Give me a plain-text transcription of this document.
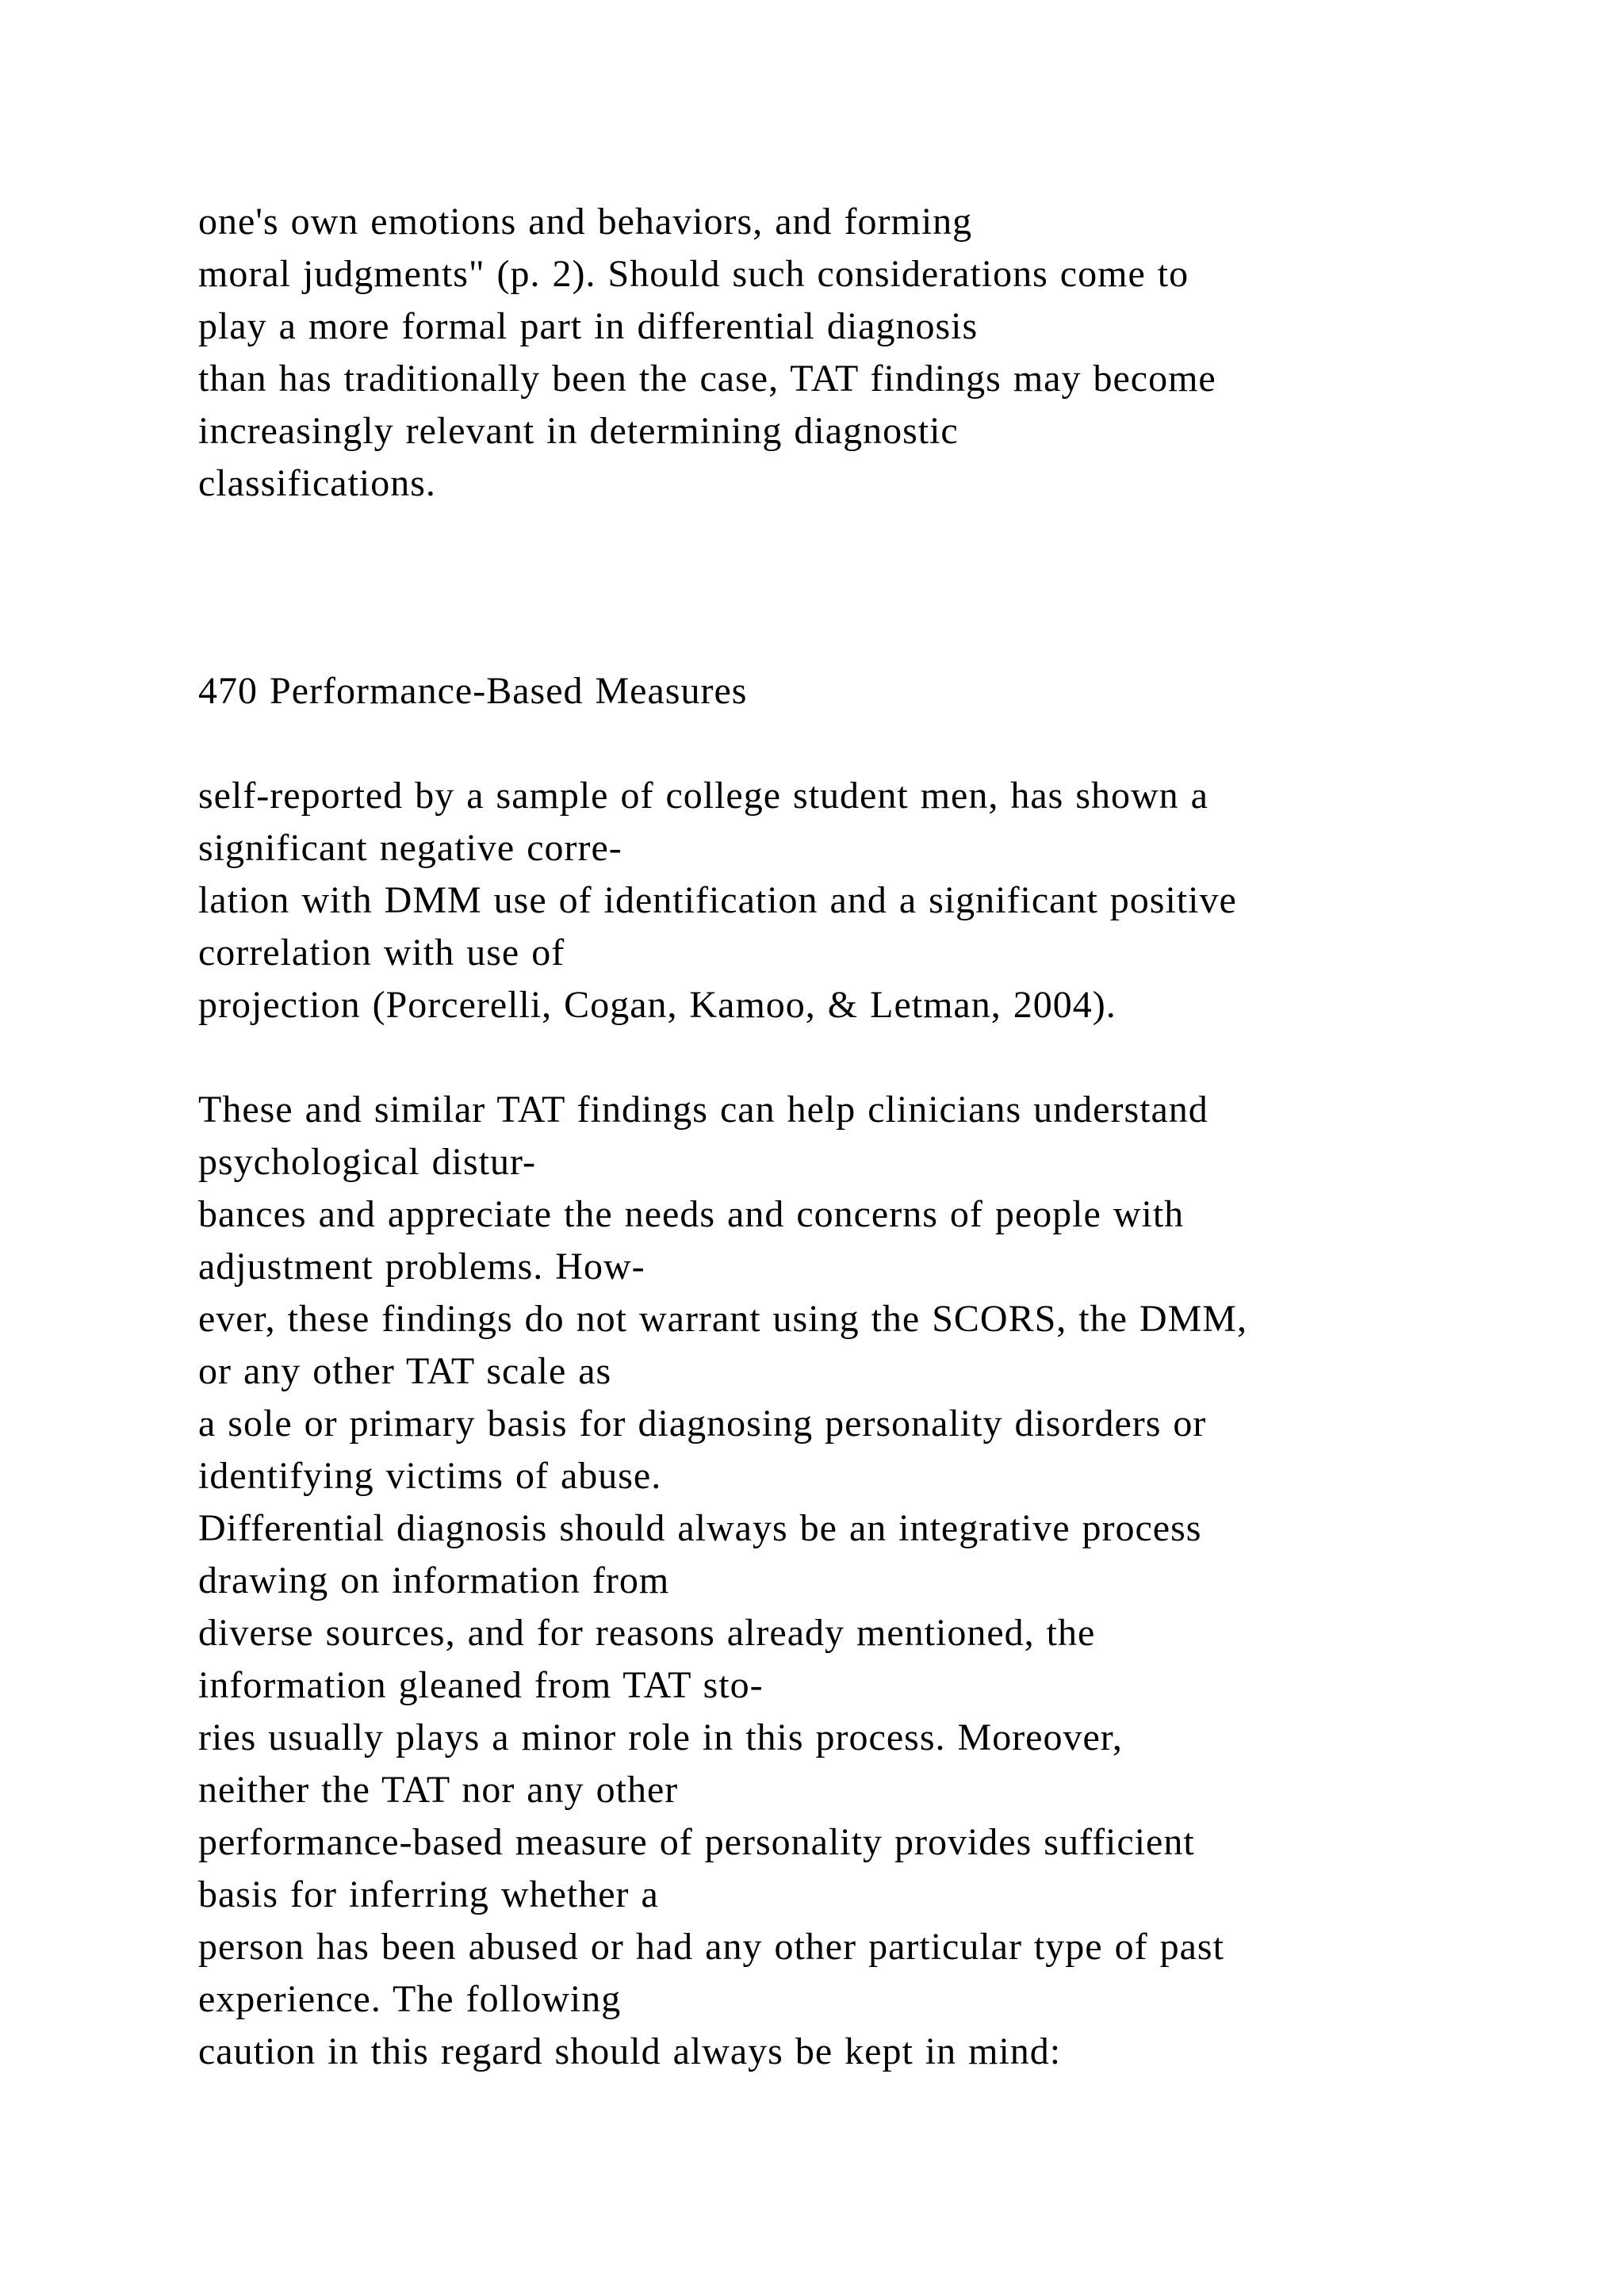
one's own emotions and behaviors, and forming
moral judgments" (p. 2). Should such considerations come to
play a more formal part in differential diagnosis
than has traditionally been the case, TAT findings may become
increasingly relevant in determining diagnostic
classifications.
470 Performance-Based Measures
self-reported by a sample of college student men, has shown a
significant negative corre-
lation with DMM use of identification and a significant positive
correlation with use of
projection (Porcerelli, Cogan, Kamoo, & Letman, 2004).
These and similar TAT findings can help clinicians understand
psychological distur-
bances and appreciate the needs and concerns of people with
adjustment problems. How-
ever, these findings do not warrant using the SCORS, the DMM,
or any other TAT scale as
a sole or primary basis for diagnosing personality disorders or
identifying victims of abuse.
Differential diagnosis should always be an integrative process
drawing on information from
diverse sources, and for reasons already mentioned, the
information gleaned from TAT sto-
ries usually plays a minor role in this process. Moreover,
neither the TAT nor any other
performance-based measure of personality provides sufficient
basis for inferring whether a
person has been abused or had any other particular type of past
experience. The following
caution in this regard should always be kept in mind:
